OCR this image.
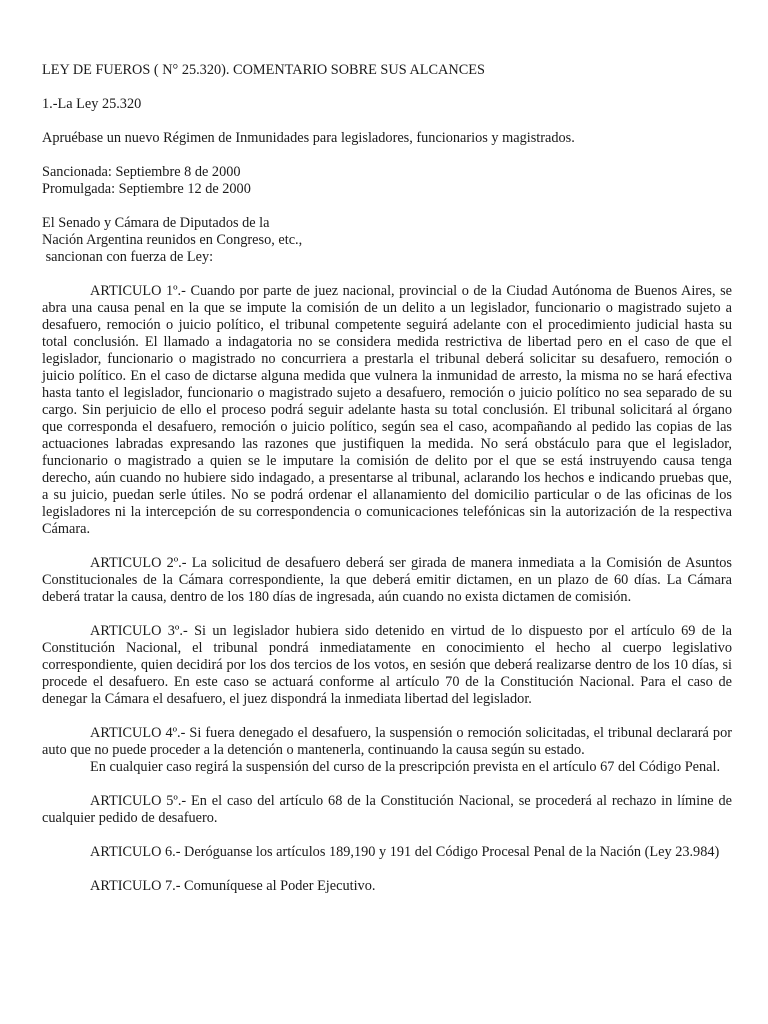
LEY DE FUEROS ( N° 25.320). COMENTARIO SOBRE SUS ALCANCES
1.-La Ley 25.320
Apruébase un nuevo Régimen de Inmunidades para legisladores, funcionarios y magistrados.
Sancionada: Septiembre 8 de 2000
Promulgada: Septiembre 12 de 2000
El Senado y Cámara de Diputados de la
Nación Argentina reunidos en Congreso, etc.,
sancionan con fuerza de Ley:

ARTICULO 1º.- Cuando por parte de juez nacional, provincial o de la Ciudad Autónoma de Buenos Aires, se abra una causa penal en la que se impute la comisión de un delito a un legislador, funcionario o magistrado sujeto a desafuero, remoción o juicio político, el tribunal competente seguirá adelante con el procedimiento judicial hasta su total conclusión. El llamado a indagatoria no se considera medida restrictiva de libertad pero en el caso de que el legislador, funcionario o magistrado no concurriera a prestarla el tribunal deberá solicitar su desafuero, remoción o juicio político. En el caso de dictarse alguna medida que vulnera la inmunidad de arresto, la misma no se hará efectiva hasta tanto el legislador, funcionario o magistrado sujeto a desafuero, remoción o juicio político no sea separado de su cargo. Sin perjuicio de ello el proceso podrá seguir adelante hasta su total conclusión. El tribunal solicitará al órgano que corresponda el desafuero, remoción o juicio político, según sea el caso, acompañando al pedido las copias de las actuaciones labradas expresando las razones que justifiquen la medida. No será obstáculo para que el legislador, funcionario o magistrado a quien se le imputare la comisión de delito por el que se está instruyendo causa tenga derecho, aún cuando no hubiere sido indagado, a presentarse al tribunal, aclarando los hechos e indicando pruebas que, a su juicio, puedan serle útiles. No se podrá ordenar el allanamiento del domicilio particular o de las oficinas de los legisladores ni la intercepción de su correspondencia o comunicaciones telefónicas sin la autorización de la respectiva Cámara.

ARTICULO 2º.- La solicitud de desafuero deberá ser girada de manera inmediata a la Comisión de Asuntos Constitucionales de la Cámara correspondiente, la que deberá emitir dictamen, en un plazo de 60 días. La Cámara deberá tratar la causa, dentro de los 180 días de ingresada, aún cuando no exista dictamen de comisión.

ARTICULO 3º.- Si un legislador hubiera sido detenido en virtud de lo dispuesto por el artículo 69 de la Constitución Nacional, el tribunal pondrá inmediatamente en conocimiento el hecho al cuerpo legislativo correspondiente, quien decidirá por los dos tercios de los votos, en sesión que deberá realizarse dentro de los 10 días, si procede el desafuero. En este caso se actuará conforme al artículo 70 de la Constitución Nacional. Para el caso de denegar la Cámara el desafuero, el juez dispondrá la inmediata libertad del legislador.

ARTICULO 4º.- Si fuera denegado el desafuero, la suspensión o remoción solicitadas, el tribunal declarará por auto que no puede proceder a la detención o mantenerla, continuando la causa según su estado.

En cualquier caso regirá la suspensión del curso de la prescripción prevista en el artículo 67 del Código Penal.

ARTICULO 5º.- En el caso del artículo 68 de la Constitución Nacional, se procederá al rechazo in límine de cualquier pedido de desafuero.

ARTICULO 6.- Deróguanse los artículos 189,190 y 191 del Código Procesal Penal de la Nación (Ley 23.984)

ARTICULO 7.- Comuníquese al Poder Ejecutivo.
